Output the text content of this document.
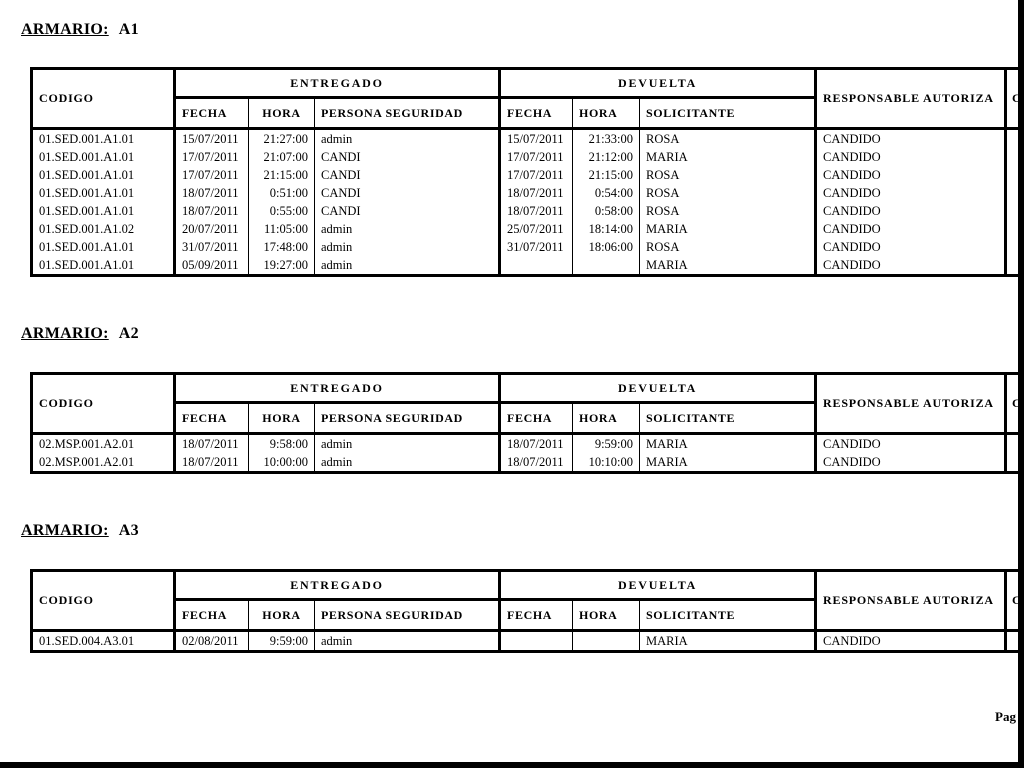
ARMARIO: A1
CODIGO	ENTREGADO			DEVUELTA			RESPONSABLE AUTORIZA	C
	FECHA	HORA	PERSONA SEGURIDAD	FECHA	HORA	SOLICITANTE		
01.SED.001.A1.01	15/07/2011	21:27:00	admin	15/07/2011	21:33:00	ROSA	CANDIDO	
01.SED.001.A1.01	17/07/2011	21:07:00	CANDI	17/07/2011	21:12:00	MARIA	CANDIDO	
01.SED.001.A1.01	17/07/2011	21:15:00	CANDI	17/07/2011	21:15:00	ROSA	CANDIDO	
01.SED.001.A1.01	18/07/2011	0:51:00	CANDI	18/07/2011	0:54:00	ROSA	CANDIDO	
01.SED.001.A1.01	18/07/2011	0:55:00	CANDI	18/07/2011	0:58:00	ROSA	CANDIDO	
01.SED.001.A1.02	20/07/2011	11:05:00	admin	25/07/2011	18:14:00	MARIA	CANDIDO	
01.SED.001.A1.01	31/07/2011	17:48:00	admin	31/07/2011	18:06:00	ROSA	CANDIDO	
01.SED.001.A1.01	05/09/2011	19:27:00	admin			MARIA	CANDIDO	
ARMARIO: A2
CODIGO	ENTREGADO			DEVUELTA			RESPONSABLE AUTORIZA	C
	FECHA	HORA	PERSONA SEGURIDAD	FECHA	HORA	SOLICITANTE		
02.MSP.001.A2.01	18/07/2011	9:58:00	admin	18/07/2011	9:59:00	MARIA	CANDIDO	
02.MSP.001.A2.01	18/07/2011	10:00:00	admin	18/07/2011	10:10:00	MARIA	CANDIDO	
ARMARIO: A3
CODIGO	ENTREGADO			DEVUELTA			RESPONSABLE AUTORIZA	C
	FECHA	HORA	PERSONA SEGURIDAD	FECHA	HORA	SOLICITANTE		
01.SED.004.A3.01	02/08/2011	9:59:00	admin			MARIA	CANDIDO	
Pag
